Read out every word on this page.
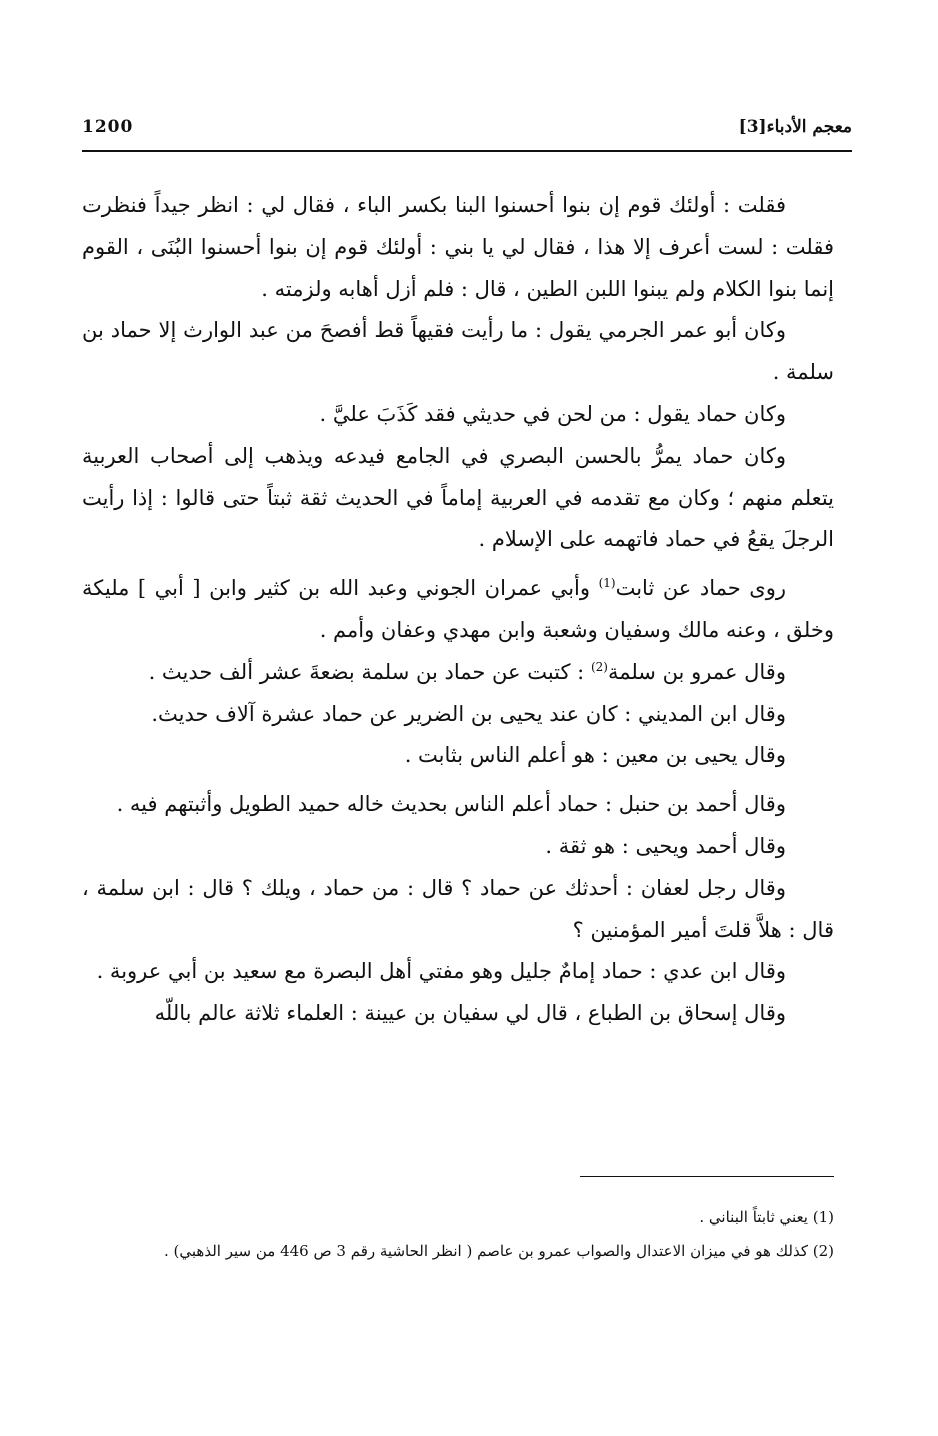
معجم الأدباء[3]
1200

فقلت : أولئك قوم إن بنوا أحسنوا البنا بكسر الباء ، فقال لي : انظر جيداً فنظرت فقلت : لست أعرف إلا هذا ، فقال لي يا بني : أولئك قوم إن بنوا أحسنوا البُنَى ، القوم إنما بنوا الكلام ولم يبنوا اللبن الطين ، قال : فلم أزل أهابه ولزمته .

وكان أبو عمر الجرمي يقول : ما رأيت فقيهاً قط أفصحَ من عبد الوارث إلا حماد بن سلمة .

وكان حماد يقول : من لحن في حديثي فقد كَذَبَ عليَّ .

وكان حماد يمرُّ بالحسن البصري في الجامع فيدعه ويذهب إلى أصحاب العربية يتعلم منهم ؛ وكان مع تقدمه في العربية إماماً في الحديث ثقة ثبتاً حتى قالوا : إذا رأيت الرجلَ يقعُ في حماد فاتهمه على الإسلام .

روى حماد عن ثابت$^{(1)}$ وأبي عمران الجوني وعبد الله بن كثير وابن [ أبي ] مليكة وخلق ، وعنه مالك وسفيان وشعبة وابن مهدي وعفان وأمم .

وقال عمرو بن سلمة$^{(2)}$ : كتبت عن حماد بن سلمة بضعةَ عشر ألف حديث .

وقال ابن المديني : كان عند يحيى بن الضرير عن حماد عشرة آلاف حديث.

وقال يحيى بن معين : هو أعلم الناس بثابت .

وقال أحمد بن حنبل : حماد أعلم الناس بحديث خاله حميد الطويل وأثبتهم فيه .

وقال أحمد ويحيى : هو ثقة .

وقال رجل لعفان : أحدثك عن حماد ؟ قال : من حماد ، ويلك ؟ قال : ابن سلمة ، قال : هلاَّ قلتَ أمير المؤمنين ؟

وقال ابن عدي : حماد إمامٌ جليل وهو مفتي أهل البصرة مع سعيد بن أبي عروبة .

وقال إسحاق بن الطباع ، قال لي سفيان بن عيينة : العلماء ثلاثة عالم باللّه

(1) يعني ثابتاً البناني .

(2) كذلك هو في ميزان الاعتدال والصواب عمرو بن عاصم ( انظر الحاشية رقم 3 ص 446 من سير الذهبي) .
